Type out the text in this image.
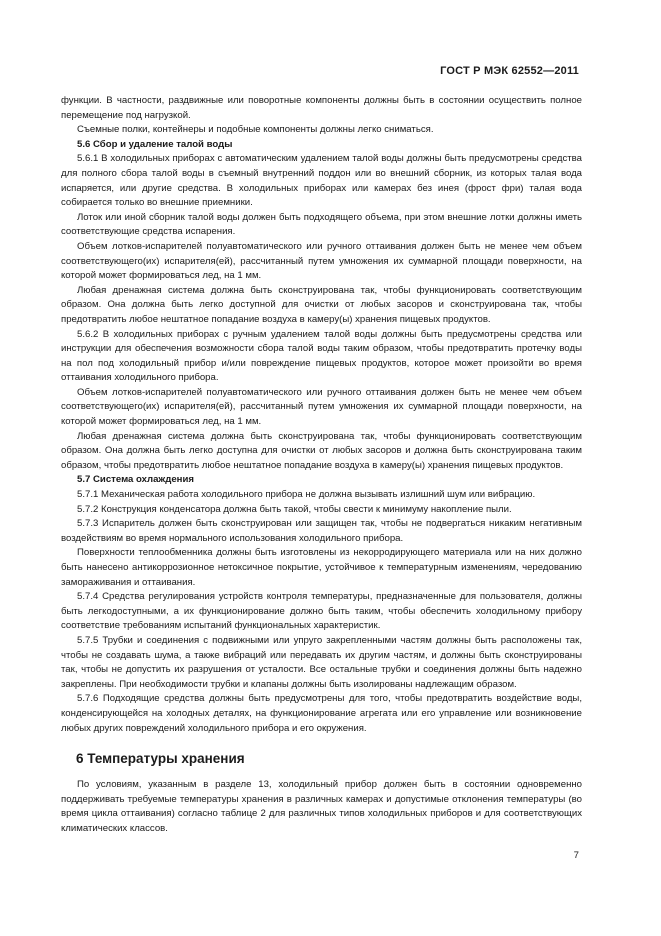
ГОСТ Р МЭК 62552—2011

функции. В частности, раздвижные или поворотные компоненты должны быть в состоянии осуществить полное перемещение под нагрузкой.

Съемные полки, контейнеры и подобные компоненты должны легко сниматься.

5.6 Сбор и удаление талой воды

5.6.1 В холодильных приборах с автоматическим удалением талой воды должны быть предусмотрены средства для полного сбора талой воды в съемный внутренний поддон или во внешний сборник, из которых талая вода испаряется, или другие средства. В холодильных приборах или камерах без инея (фрост фри) талая вода собирается только во внешние приемники.

Лоток или иной сборник талой воды должен быть подходящего объема, при этом внешние лотки должны иметь соответствующие средства испарения.

Объем лотков-испарителей полуавтоматического или ручного оттаивания должен быть не менее чем объем соответствующего(их) испарителя(ей), рассчитанный путем умножения их суммарной площади поверхности, на которой может формироваться лед, на 1 мм.

Любая дренажная система должна быть сконструирована так, чтобы функционировать соответствующим образом. Она должна быть легко доступной для очистки от любых засоров и сконструирована так, чтобы предотвратить любое нештатное попадание воздуха в камеру(ы) хранения пищевых продуктов.

5.6.2 В холодильных приборах с ручным удалением талой воды должны быть предусмотрены средства или инструкции для обеспечения возможности сбора талой воды таким образом, чтобы предотвратить протечку воды на пол под холодильный прибор и/или повреждение пищевых продуктов, которое может произойти во время оттаивания холодильного прибора.

Объем лотков-испарителей полуавтоматического или ручного оттаивания должен быть не менее чем объем соответствующего(их) испарителя(ей), рассчитанный путем умножения их суммарной площади поверхности, на которой может формироваться лед, на 1 мм.

Любая дренажная система должна быть сконструирована так, чтобы функционировать соответствующим образом. Она должна быть легко доступна для очистки от любых засоров и должна быть сконструирована таким образом, чтобы предотвратить любое нештатное попадание воздуха в камеру(ы) хранения пищевых продуктов.

5.7 Система охлаждения

5.7.1 Механическая работа холодильного прибора не должна вызывать излишний шум или вибрацию.

5.7.2 Конструкция конденсатора должна быть такой, чтобы свести к минимуму накопление пыли.

5.7.3 Испаритель должен быть сконструирован или защищен так, чтобы не подвергаться никаким негативным воздействиям во время нормального использования холодильного прибора.

Поверхности теплообменника должны быть изготовлены из некорродирующего материала или на них должно быть нанесено антикоррозионное нетоксичное покрытие, устойчивое к температурным изменениям, чередованию замораживания и оттаивания.

5.7.4 Средства регулирования устройств контроля температуры, предназначенные для пользователя, должны быть легкодоступными, а их функционирование должно быть таким, чтобы обеспечить холодильному прибору соответствие требованиям испытаний функциональных характеристик.

5.7.5 Трубки и соединения с подвижными или упруго закрепленными частям должны быть расположены так, чтобы не создавать шума, а также вибраций или передавать их другим частям, и должны быть сконструированы так, чтобы не допустить их разрушения от усталости. Все остальные трубки и соединения должны быть надежно закреплены. При необходимости трубки и клапаны должны быть изолированы надлежащим образом.

5.7.6 Подходящие средства должны быть предусмотрены для того, чтобы предотвратить воздействие воды, конденсирующейся на холодных деталях, на функционирование агрегата или его управление или возникновение любых других повреждений холодильного прибора и его окружения.

6 Температуры хранения

По условиям, указанным в разделе 13, холодильный прибор должен быть в состоянии одновременно поддерживать требуемые температуры хранения в различных камерах и допустимые отклонения температуры (во время цикла оттаивания) согласно таблице 2 для различных типов холодильных приборов и для соответствующих климатических классов.

7
